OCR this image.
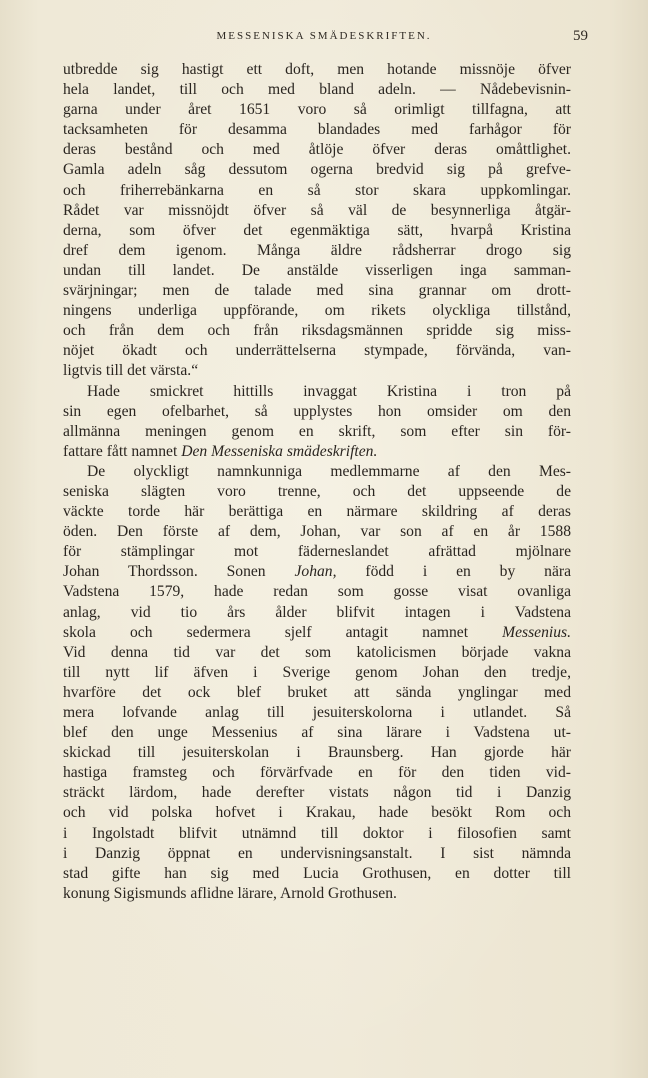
MESSENISKA SMÄDESKRIFTEN.	59
utbredde sig hastigt ett doft, men hotande missnöje öfver
hela landet, till och med bland adeln. — Nådebevisnin-
garna under året 1651 voro så orimligt tillfagna, att
tacksamheten för desamma blandades med farhågor för
deras bestånd och med åtlöje öfver deras omåttlighet.
Gamla adeln såg dessutom ogerna bredvid sig på grefve-
och friherrebänkarna en så stor skara uppkomlingar.
Rådet var missnöjdt öfver så väl de besynnerliga åtgär-
derna, som öfver det egenmäktiga sätt, hvarpå Kristina
dref dem igenom. Många äldre rådsherrar drogo sig
undan till landet. De anstälde visserligen inga samman-
svärjningar; men de talade med sina grannar om drott-
ningens underliga uppförande, om rikets olyckliga tillstånd,
och från dem och från riksdagsmännen spridde sig miss-
nöjet ökadt och underrättelserna stympade, förvända, van-
ligtvis till det värsta.“
Hade smickret hittills invaggat Kristina i tron på
sin egen ofelbarhet, så upplystes hon omsider om den
allmänna meningen genom en skrift, som efter sin för-
fattare fått namnet Den Messeniska smädeskriften.
De olyckligt namnkunniga medlemmarne af den Mes-
seniska slägten voro trenne, och det uppseende de
väckte torde här berättiga en närmare skildring af deras
öden. Den förste af dem, Johan, var son af en år 1588
för stämplingar mot fäderneslandet afrättad mjölnare
Johan Thordsson. Sonen Johan, född i en by nära
Vadstena 1579, hade redan som gosse visat ovanliga
anlag, vid tio års ålder blifvit intagen i Vadstena
skola och sedermera sjelf antagit namnet Messenius.
Vid denna tid var det som katolicismen började vakna
till nytt lif äfven i Sverige genom Johan den tredje,
hvarföre det ock blef bruket att sända ynglingar med
mera lofvande anlag till jesuiterskolorna i utlandet. Så
blef den unge Messenius af sina lärare i Vadstena ut-
skickad till jesuiterskolan i Braunsberg. Han gjorde här
hastiga framsteg och förvärfvade en för den tiden vid-
sträckt lärdom, hade derefter vistats någon tid i Danzig
och vid polska hofvet i Krakau, hade besökt Rom och
i Ingolstadt blifvit utnämnd till doktor i filosofien samt
i Danzig öppnat en undervisningsanstalt. I sist nämnda
stad gifte han sig med Lucia Grothusen, en dotter till
konung Sigismunds aflidne lärare, Arnold Grothusen.
